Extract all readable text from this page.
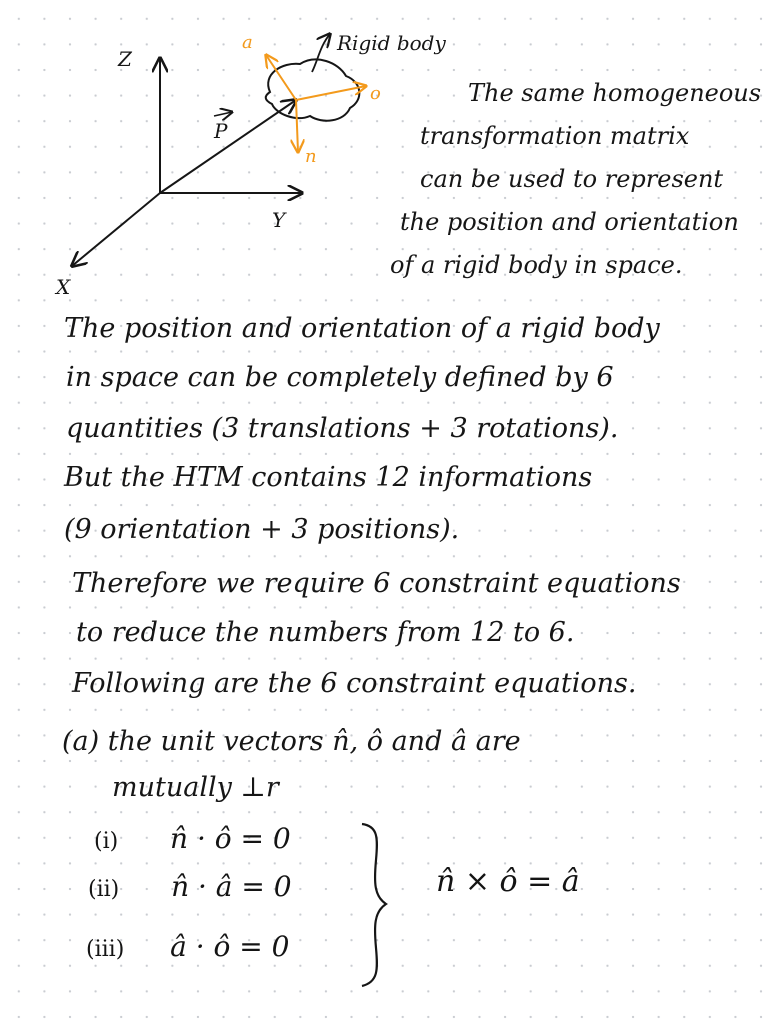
Z
Y
X
P
a
o
n
Rigid body
The same homogeneous
transformation matrix
can be used to represent
the position and orientation
of a rigid body in space.
The position and orientation of a rigid body
in space can be completely defined by 6
quantities (3 translations + 3 rotations).
But the HTM contains 12 informations
(9 orientation + 3 positions).
Therefore we require 6 constraint equations
to reduce the numbers from 12 to 6.
Following are the 6 constraint equations.
(a) the unit vectors n̂, ô and â are
mutually ⊥r
(i) n̂ · ô = 0
(ii) n̂ · â = 0
(iii) â · ô = 0
n̂ × ô = â
